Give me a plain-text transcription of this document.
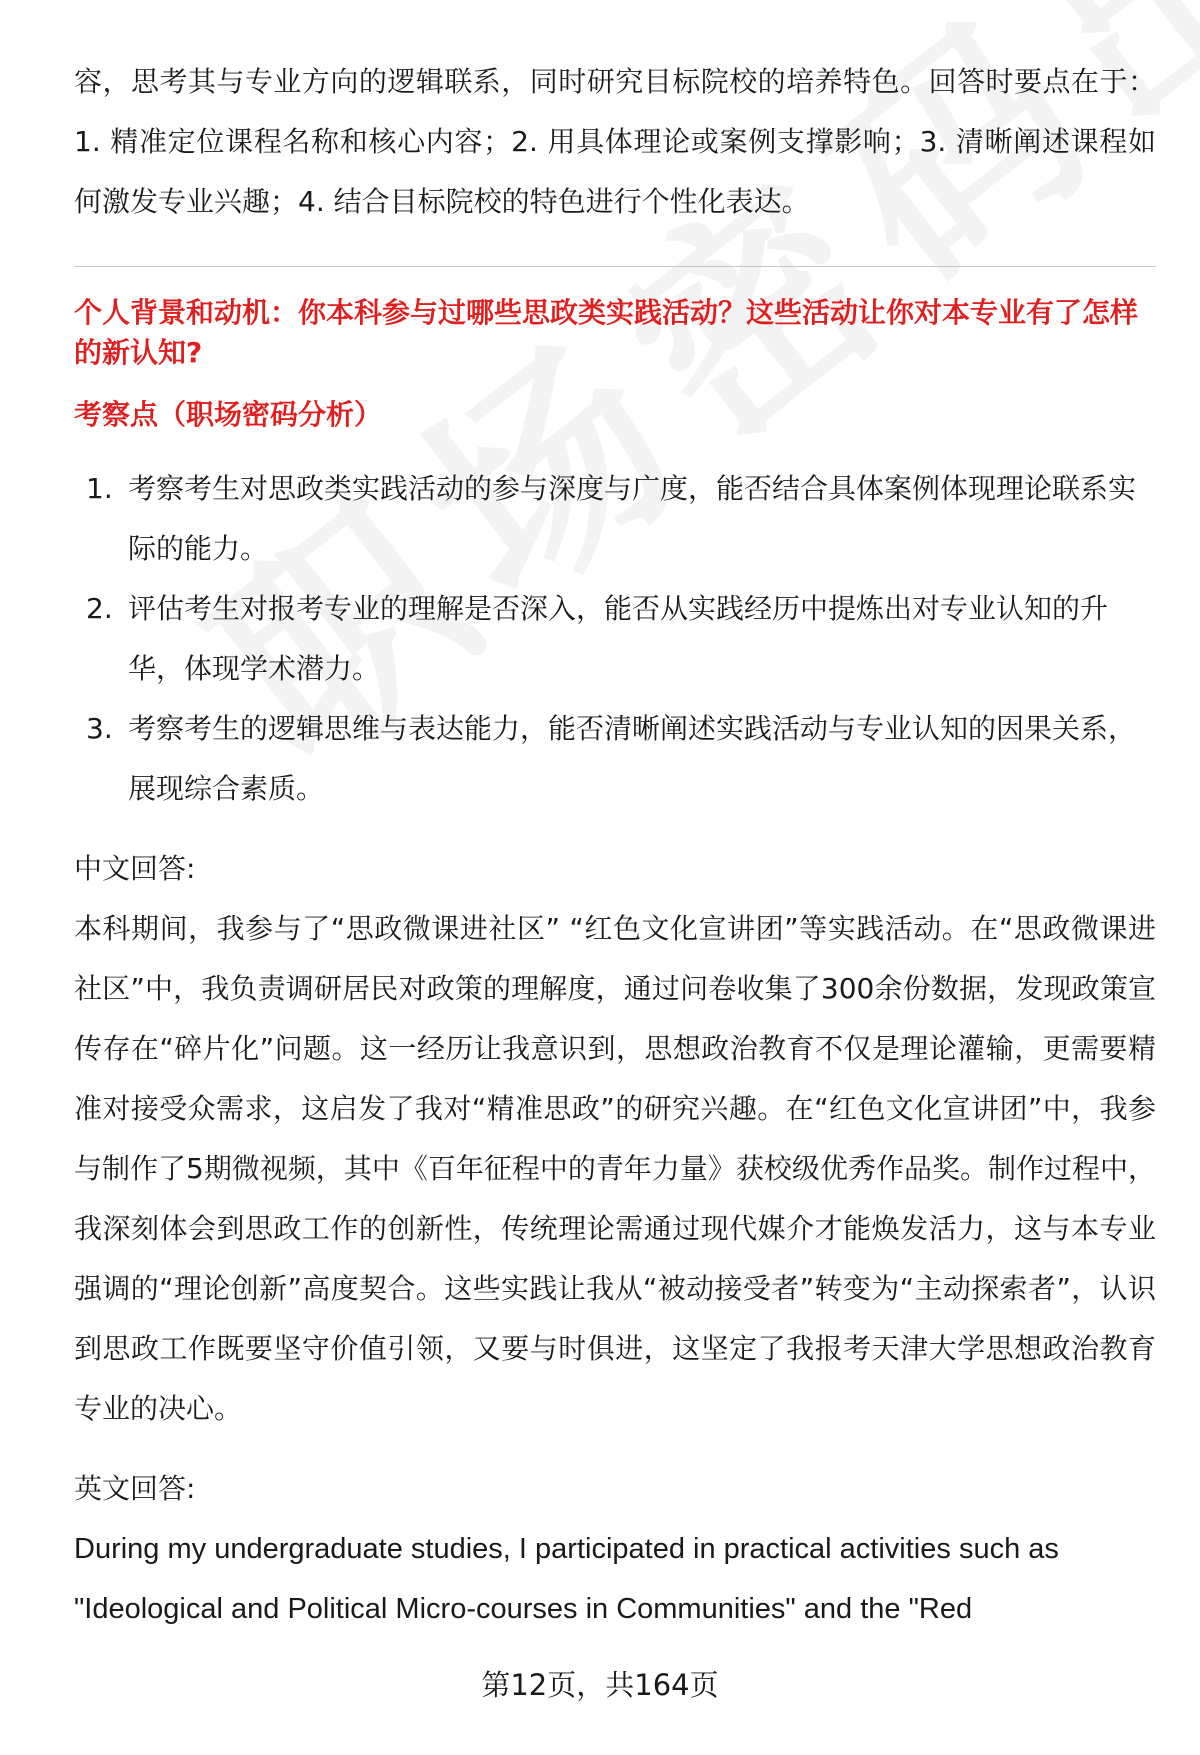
容，思考其与专业方向的逻辑联系，同时研究目标院校的培养特色。回答时要点在于：1. 精准定位课程名称和核心内容；2. 用具体理论或案例支撑影响；3. 清晰阐述课程如何激发专业兴趣；4. 结合目标院校的特色进行个性化表达。

个人背景和动机：你本科参与过哪些思政类实践活动？这些活动让你对本专业有了怎样的新认知?

考察点（职场密码分析）

1. 考察考生对思政类实践活动的参与深度与广度，能否结合具体案例体现理论联系实际的能力。
2. 评估考生对报考专业的理解是否深入，能否从实践经历中提炼出对专业认知的升华，体现学术潜力。
3. 考察考生的逻辑思维与表达能力，能否清晰阐述实践活动与专业认知的因果关系，展现综合素质。

中文回答:

本科期间，我参与了“思政微课进社区” “红色文化宣讲团”等实践活动。在“思政微课进社区”中，我负责调研居民对政策的理解度，通过问卷收集了300余份数据，发现政策宣传存在“碎片化”问题。这一经历让我意识到，思想政治教育不仅是理论灌输，更需要精准对接受众需求，这启发了我对“精准思政”的研究兴趣。在“红色文化宣讲团”中，我参与制作了5期微视频，其中《百年征程中的青年力量》获校级优秀作品奖。制作过程中，我深刻体会到思政工作的创新性，传统理论需通过现代媒介才能焕发活力，这与本专业强调的“理论创新”高度契合。这些实践让我从“被动接受者”转变为“主动探索者”，认识到思政工作既要坚守价值引领，又要与时俱进，这坚定了我报考天津大学思想政治教育专业的决心。

英文回答:

During my undergraduate studies, I participated in practical activities such as "Ideological and Political Micro-courses in Communities" and the "Red

第12页，共164页
